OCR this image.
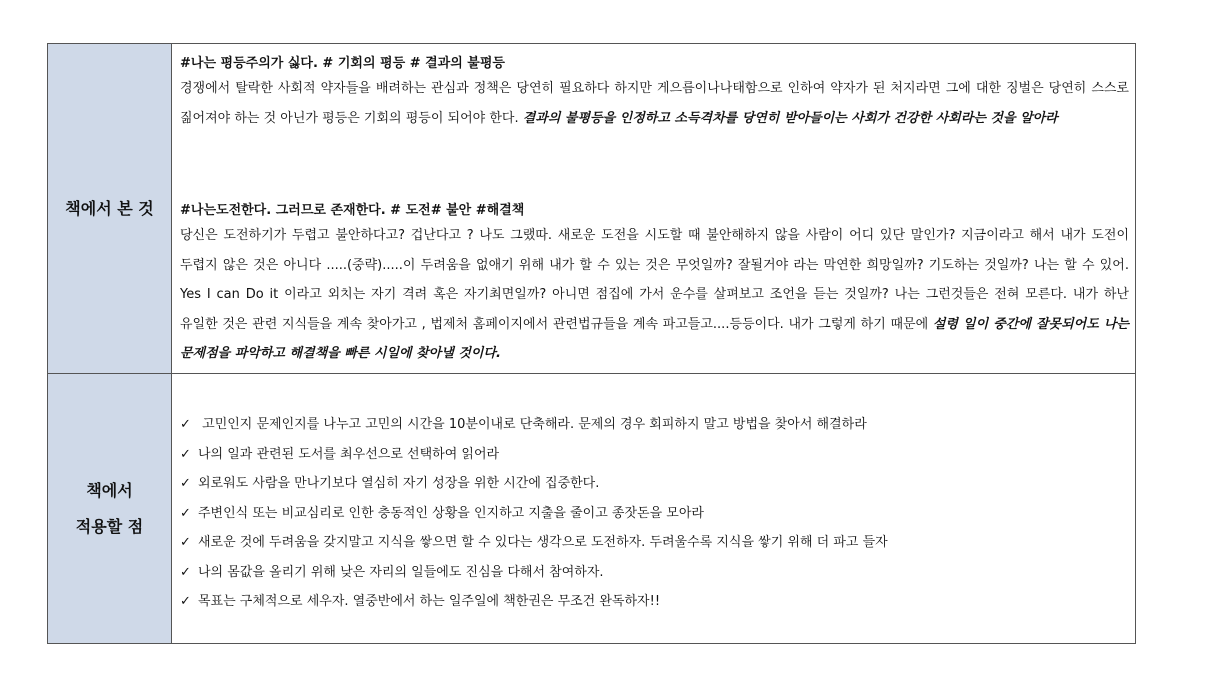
책에서 본 것
#나는 평등주의가 싫다. # 기회의 평등 # 결과의 불평등
경쟁에서 탈락한 사회적 약자들을 배려하는 관심과 정책은 당연히 필요하다 하지만 게으름이나나태함으로 인하여 약자가 된 처지라면 그에 대한 징벌은 당연히 스스로 짊어져야 하는 것 아닌가 평등은 기회의 평등이 되어야 한다. 결과의 불평등을 인정하고 소득격차를 당연히 받아들이는 사회가 건강한 사회라는 것을 알아라
#나는도전한다. 그러므로 존재한다. # 도전# 불안 #해결책
당신은 도전하기가 두렵고 불안하다고? 겁난다고 ? 나도 그랬따. 새로운 도전을 시도할 때 불안해하지 않을 사람이 어디 있단 말인가? 지금이라고 해서 내가 도전이 두렵지 않은 것은 아니다 .....(중략).....이 두려움을 없애기 위해 내가 할 수 있는 것은 무엇일까? 잘될거야 라는 막연한 희망일까? 기도하는 것일까? 나는 할 수 있어. Yes I can Do it 이라고 외치는 자기 격려 혹은 자기최면일까? 아니면 점집에 가서 운수를 살펴보고 조언을 듣는 것일까? 나는 그런것들은 전혀 모른다. 내가 하난 유일한 것은 관련 지식들을 계속 찾아가고 , 법제처 홈페이지에서 관련법규들을 계속 파고들고....등등이다. 내가 그렇게 하기 때문에 설령 일이 중간에 잘못되어도 나는 문제점을 파악하고 해결책을 빠른 시일에 찾아낼 것이다.
책에서
적용할 점
✓ 고민인지 문제인지를 나누고 고민의 시간을 10분이내로 단축해라. 문제의 경우 회피하지 말고 방법을 찾아서 해결하라
✓ 나의 일과 관련된 도서를 최우선으로 선택하여 읽어라
✓ 외로워도 사람을 만나기보다 열심히 자기 성장을 위한 시간에 집중한다.
✓ 주변인식 또는 비교심리로 인한 충동적인 상황을 인지하고 지출을 줄이고 종잣돈을 모아라
✓ 새로운 것에 두려움을 갖지말고 지식을 쌓으면 할 수 있다는 생각으로 도전하자. 두려울수록 지식을 쌓기 위해 더 파고 들자
✓ 나의 몸값을 올리기 위해 낮은 자리의 일들에도 진심을 다해서 참여하자.
✓ 목표는 구체적으로 세우자. 열중반에서 하는 일주일에 책한권은 무조건 완독하자!!
